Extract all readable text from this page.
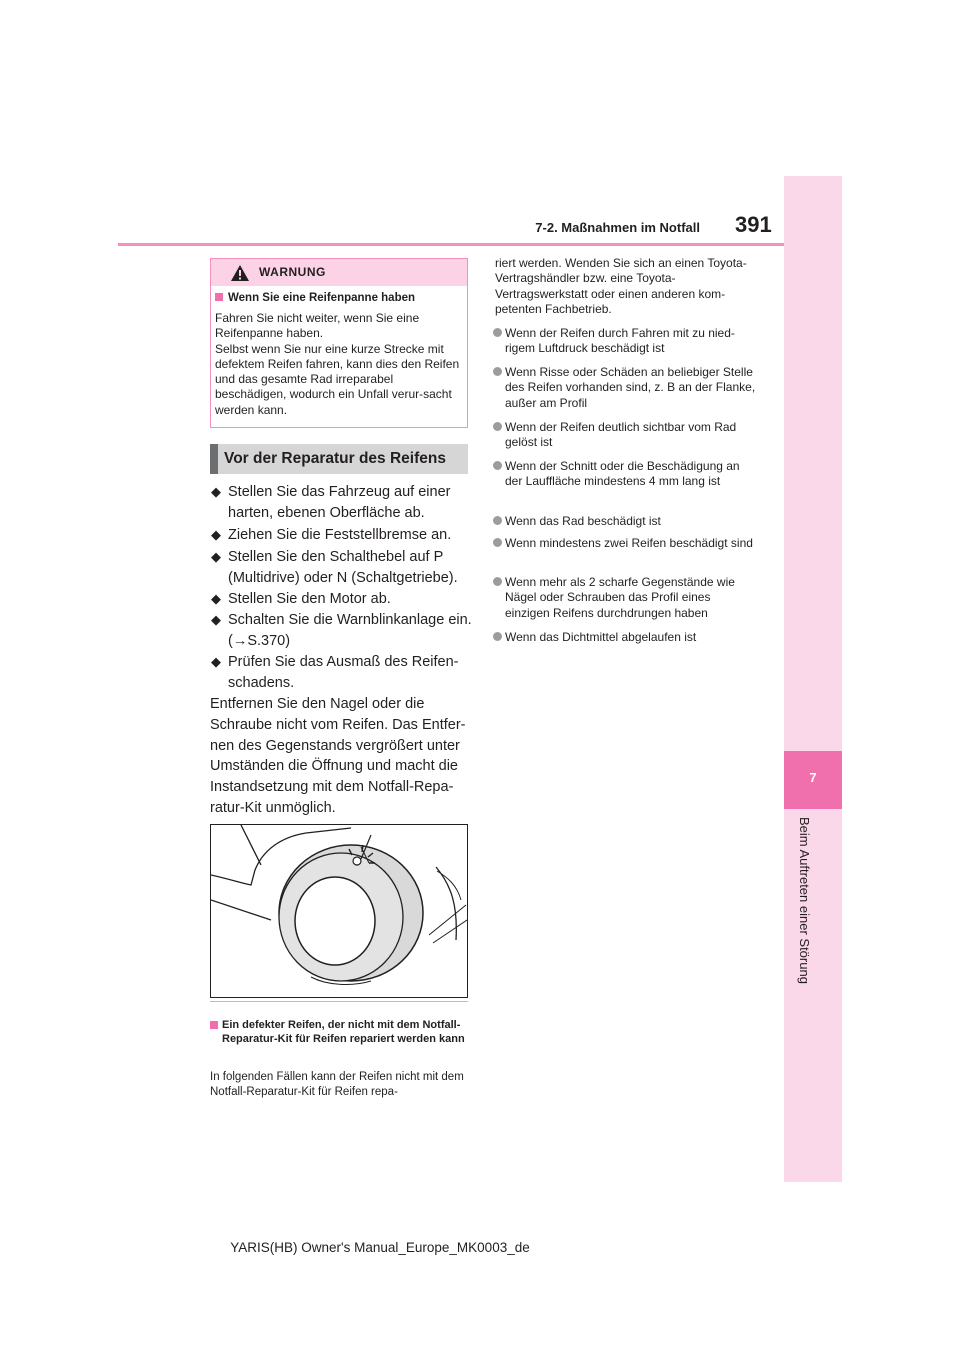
7
Beim Auftreten einer Störung
7-2. Maßnahmen im Notfall 391
WARNUNG
Wenn Sie eine Reifenpanne haben
Fahren Sie nicht weiter, wenn Sie eine Reifenpanne haben.
Selbst wenn Sie nur eine kurze Strecke mit defektem Reifen fahren, kann dies den Reifen und das gesamte Rad irreparabel beschädigen, wodurch ein Unfall verur-sacht werden kann.
Vor der Reparatur des Reifens
◆ Stellen Sie das Fahrzeug auf einer harten, ebenen Oberfläche ab.
◆ Ziehen Sie die Feststellbremse an.
◆ Stellen Sie den Schalthebel auf P (Multidrive) oder N (Schaltgetriebe).
◆ Stellen Sie den Motor ab.
◆ Schalten Sie die Warnblinkanlage ein. (→S.370)
◆ Prüfen Sie das Ausmaß des Reifen-schadens.
Entfernen Sie den Nagel oder die Schraube nicht vom Reifen. Das Entfer-nen des Gegenstands vergrößert unter Umständen die Öffnung und macht die Instandsetzung mit dem Notfall-Repa-ratur-Kit unmöglich.
Ein defekter Reifen, der nicht mit dem Notfall-Reparatur-Kit für Reifen repariert werden kann
In folgenden Fällen kann der Reifen nicht mit dem Notfall-Reparatur-Kit für Reifen repa-
riert werden. Wenden Sie sich an einen Toyota-Vertragshändler bzw. eine Toyota-Vertragswerkstatt oder einen anderen kom-petenten Fachbetrieb.
Wenn der Reifen durch Fahren mit zu nied-rigem Luftdruck beschädigt ist
Wenn Risse oder Schäden an beliebiger Stelle des Reifen vorhanden sind, z. B an der Flanke, außer am Profil
Wenn der Reifen deutlich sichtbar vom Rad gelöst ist
Wenn der Schnitt oder die Beschädigung an der Lauffläche mindestens 4 mm lang ist
Wenn das Rad beschädigt ist
Wenn mindestens zwei Reifen beschädigt sind
Wenn mehr als 2 scharfe Gegenstände wie Nägel oder Schrauben das Profil eines einzigen Reifens durchdrungen haben
Wenn das Dichtmittel abgelaufen ist
YARIS(HB) Owner's Manual_Europe_MK0003_de
